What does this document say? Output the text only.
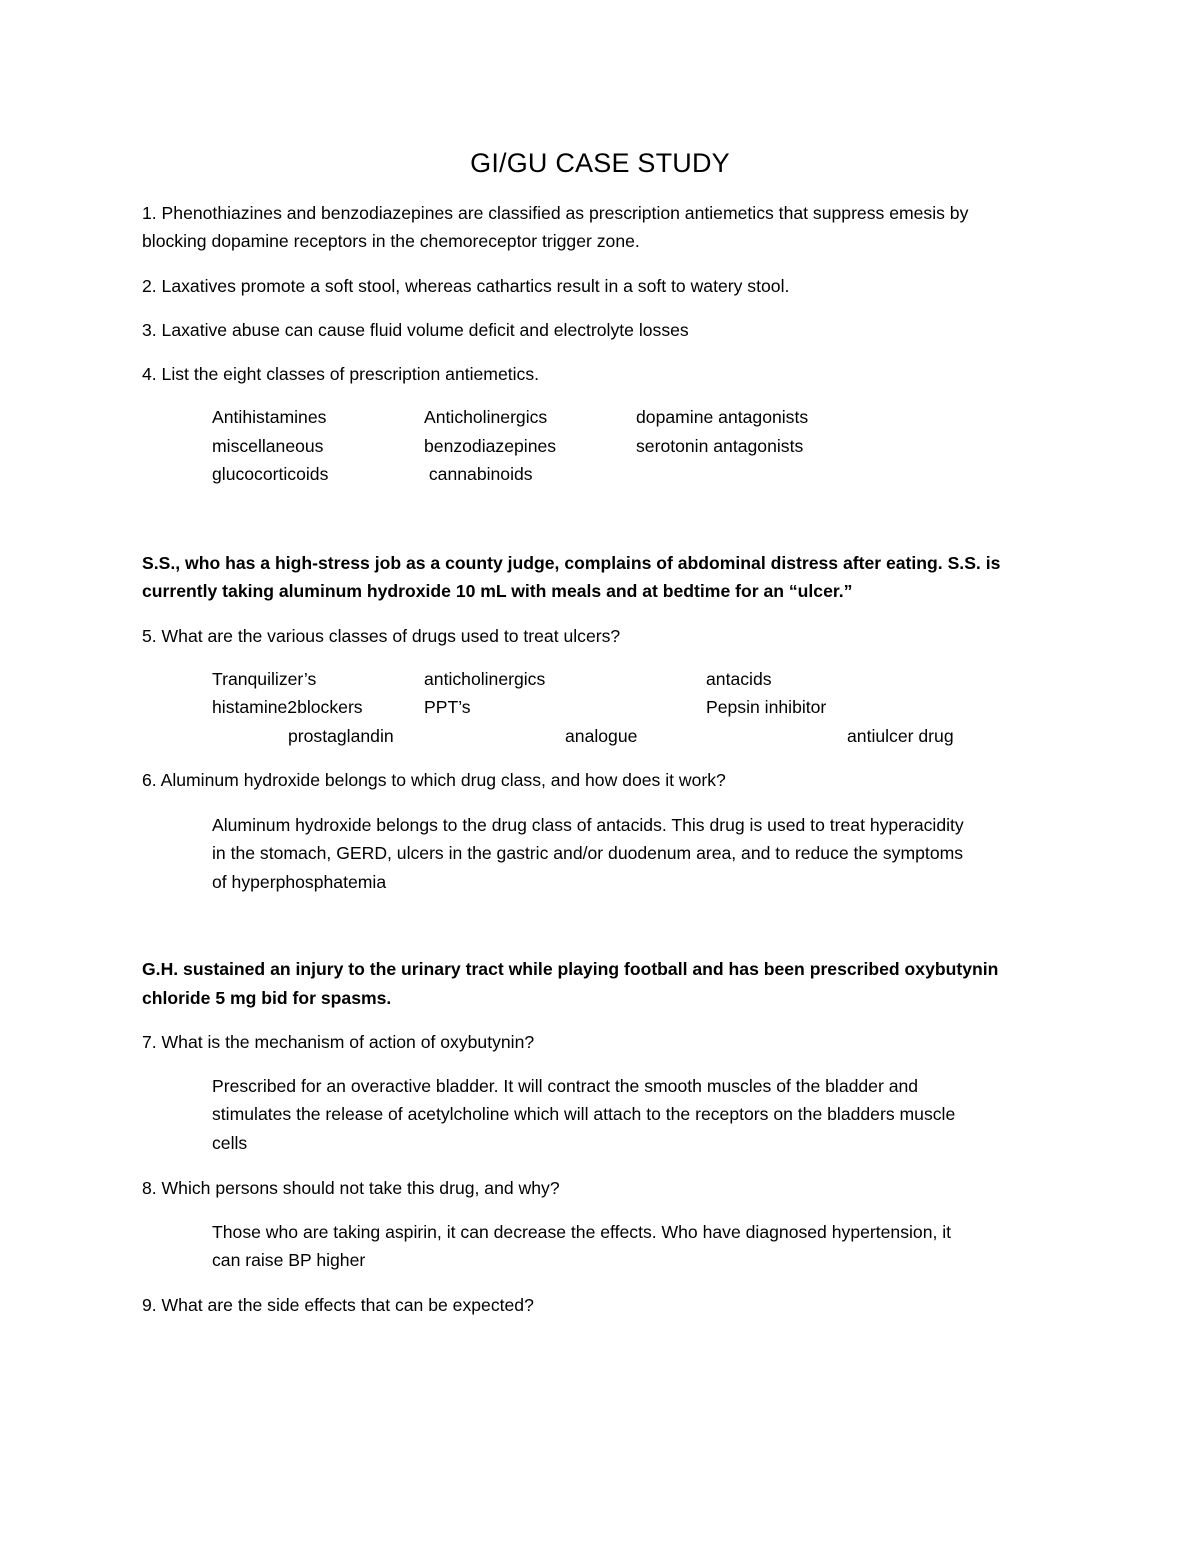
GI/GU CASE STUDY
1. Phenothiazines and benzodiazepines are classified as prescription antiemetics that suppress emesis by
blocking dopamine receptors in the chemoreceptor trigger zone.
2. Laxatives promote a soft stool, whereas cathartics result in a soft to watery stool.
3. Laxative abuse can cause fluid volume deficit and electrolyte losses
4. List the eight classes of prescription antiemetics.
Antihistamines	Anticholinergics	dopamine antagonists
miscellaneous	benzodiazepines	serotonin antagonists
glucocorticoids	cannabinoids
S.S., who has a high-stress job as a county judge, complains of abdominal distress after eating. S.S. is
currently taking aluminum hydroxide 10 mL with meals and at bedtime for an “ulcer.”
5. What are the various classes of drugs used to treat ulcers?
Tranquilizer’s	anticholinergics	antacids
histamine2blockers	PPT’s	Pepsin inhibitor
prostaglandin	analogue	antiulcer drug
6. Aluminum hydroxide belongs to which drug class, and how does it work?
Aluminum hydroxide belongs to the drug class of antacids. This drug is used to treat hyperacidity
in the stomach, GERD, ulcers in the gastric and/or duodenum area, and to reduce the symptoms
of hyperphosphatemia
G.H. sustained an injury to the urinary tract while playing football and has been prescribed oxybutynin
chloride 5 mg bid for spasms.
7. What is the mechanism of action of oxybutynin?
Prescribed for an overactive bladder. It will contract the smooth muscles of the bladder and
stimulates the release of acetylcholine which will attach to the receptors on the bladders muscle
cells
8. Which persons should not take this drug, and why?
Those who are taking aspirin, it can decrease the effects. Who have diagnosed hypertension, it
can raise BP higher
9. What are the side effects that can be expected?
